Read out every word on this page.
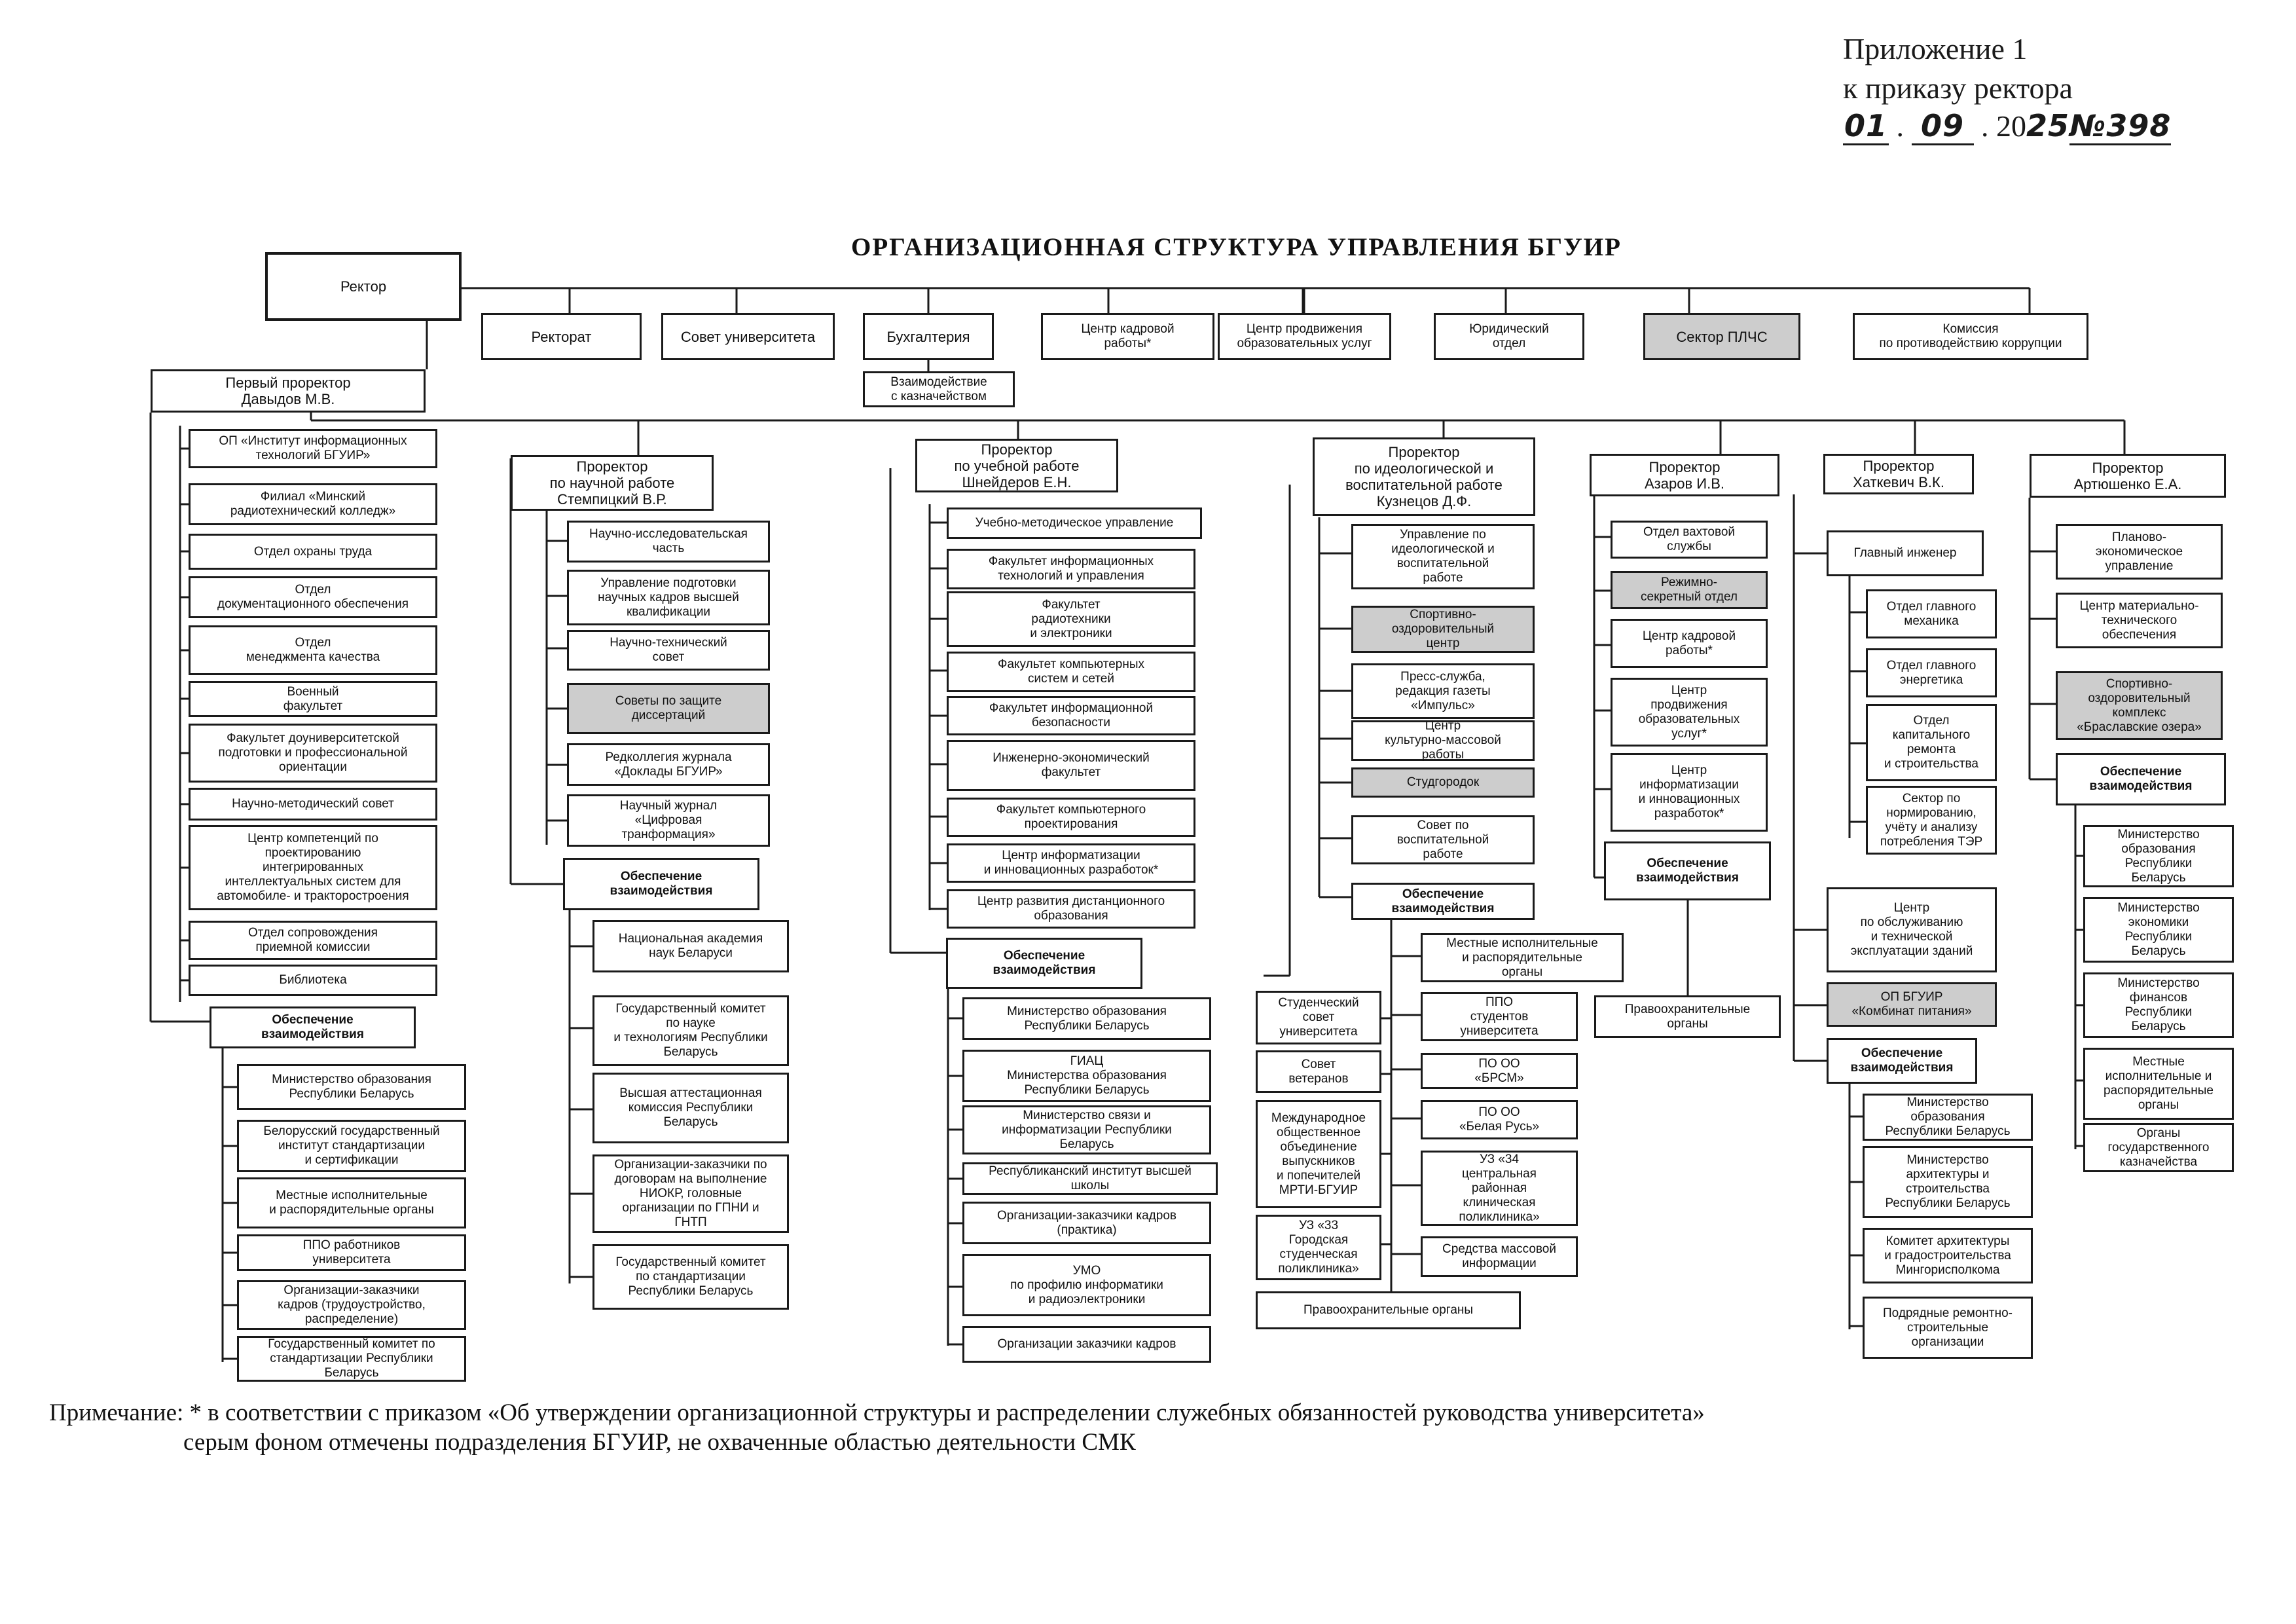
Приложение 1
к приказу ректора
01 . 09 . 2025№398
ОРГАНИЗАЦИОННАЯ СТРУКТУРА УПРАВЛЕНИЯ БГУИР
Ректор
Ректорат	Совет университета	Бухгалтерия
Взаимодействие
с казначейством
Центр кадровой
работы*
Центр продвижения
образовательных услуг
Юридический
отдел	Сектор ПЛЧС	Комиссия
по противодействию коррупции
Первый проректор
Давыдов М.В.
ОП «Институт информационных
технологий БГУИР»
Филиал «Минский
радиотехнический колледж»
Отдел охраны труда
Отдел
документационного обеспечения
Отдел
менеджмента качества
Военный
факультет
Факультет доуниверситетской
подготовки и профессиональной
ориентации
Научно-методический совет
Центр компетенций по
проектированию
интегрированных
интеллектуальных систем для
автомобиле- и тракторостроения
Отдел сопровождения
приемной комиссии
Библиотека
Обеспечение
взаимодействия
Министерство образования
Республики Беларусь
Белорусский государственный
институт стандартизации
и сертификации
Местные исполнительные
и распорядительные органы
ППО работников
университета
Организации-заказчики
кадров (трудоустройство,
распределение)
Государственный комитет по
стандартизации Республики
Беларусь
Проректор
по научной работе
Стемпицкий В.Р.
Научно-исследовательская
часть
Управление подготовки
научных кадров высшей
квалификации
Научно-технический
совет
Советы по защите
диссертаций
Редколлегия журнала
«Доклады БГУИР»
Научный журнал
«Цифровая
транформация»
Обеспечение
взаимодействия
Национальная академия
наук Беларуси
Государственный комитет
по науке
и технологиям Республики
Беларусь
Высшая аттестационная
комиссия Республики
Беларусь
Организации-заказчики по
договорам на выполнение
НИОКР, головные
организации по ГПНИ и
ГНТП
Государственный комитет
по стандартизации
Республики Беларусь
Проректор
по учебной работе
Шнейдеров Е.Н.
Учебно-методическое управление
Факультет информационных
технологий и управления
Факультет
радиотехники
и электроники
Факультет компьютерных
систем и сетей
Факультет информационной
безопасности
Инженерно-экономический
факультет
Факультет компьютерного
проектирования
Центр информатизации
и инновационных разработок*
Центр развития дистанционного
образования
Обеспечение
взаимодействия
Министерство образования
Республики Беларусь
ГИАЦ
Министерства образования
Республики Беларусь
Министерство связи и
информатизации Республики
Беларусь
Республиканский институт высшей
школы
Организации-заказчики кадров
(практика)
УМО
по профилю информатики
и радиоэлектроники
Организации заказчики кадров
Проректор
по идеологической и
воспитательной работе
Кузнецов Д.Ф.
Управление по
идеологической и
воспитательной
работе
Спортивно-
оздоровительный
центр
Пресс-служба,
редакция газеты
«Импульс»
Центр
культурно-массовой
работы
Студгородок
Совет по
воспитательной
работе
Обеспечение
взаимодействия
Студенческий
совет
университета
Совет
ветеранов
Международное
общественное
объединение
выпускников
и попечителей
МРТИ-БГУИР
УЗ «33
Городская
студенческая
поликлиника»
Местные исполнительные
и распорядительные
органы
ППО
студентов
университета
ПО ОО
«БРСМ»
ПО ОО
«Белая Русь»
УЗ «34
центральная
районная
клиническая
поликлиника»
Средства массовой
информации
Правоохранительные органы
Проректор
Азаров И.В.
Отдел вахтовой
службы
Режимно-
секретный отдел
Центр кадровой
работы*
Центр
продвижения
образовательных
услуг*
Центр
информатизации
и инновационных
разработок*
Обеспечение
взаимодействия
Правоохранительные
органы
Проректор
Хаткевич В.К.
Главный инженер
Отдел главного
механика
Отдел главного
энергетика
Отдел
капитального
ремонта
и строительства
Сектор по
нормированию,
учёту и анализу
потребления ТЭР
Центр
по обслуживанию
и технической
эксплуатации зданий
ОП БГУИР
«Комбинат питания»
Обеспечение
взаимодействия
Министерство
образования
Республики Беларусь
Министерство
архитектуры и
строительства
Республики Беларусь
Комитет архитектуры
и градостроительства
Мингорисполкома
Подрядные ремонтно-
строительные
организации
Проректор
Артюшенко Е.А.
Планово-
экономическое
управление
Центр материально-
технического
обеспечения
Спортивно-
оздоровительный
комплекс
«Браславские озера»
Обеспечение
взаимодействия
Министерство
образования
Республики
Беларусь
Министерство
экономики
Республики
Беларусь
Министерство
финансов
Республики
Беларусь
Местные
исполнительные и
распорядительные
органы
Органы
государственного
казначейства
Примечание: * в соответствии с приказом «Об утверждении организационной структуры и распределении служебных обязанностей руководства университета»
серым фоном отмечены подразделения БГУИР, не охваченные областью деятельности СМК
